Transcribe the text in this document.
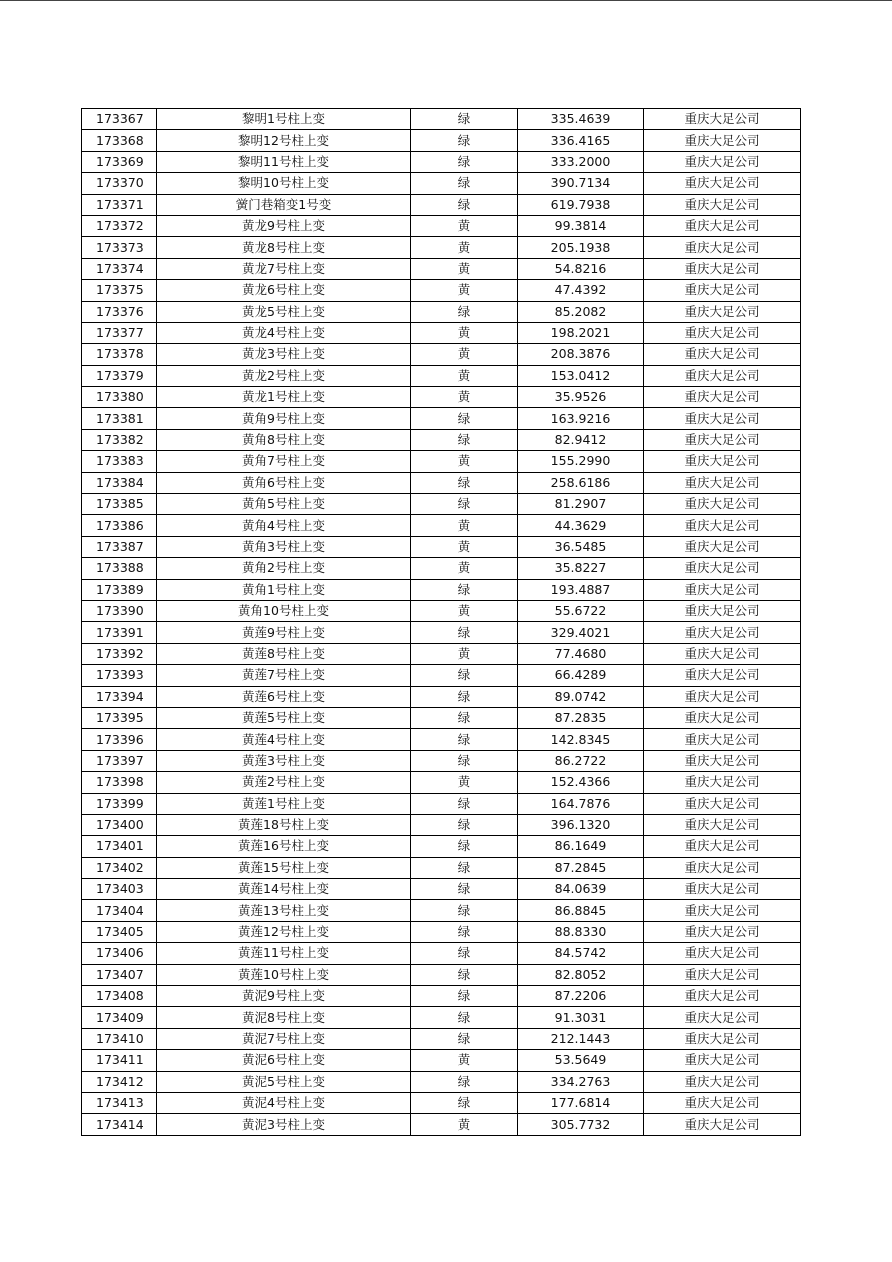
173367	黎明1号柱上变	绿	335.4639	重庆大足公司
173368	黎明12号柱上变	绿	336.4165	重庆大足公司
173369	黎明11号柱上变	绿	333.2000	重庆大足公司
173370	黎明10号柱上变	绿	390.7134	重庆大足公司
173371	黉门巷箱变1号变	绿	619.7938	重庆大足公司
173372	黄龙9号柱上变	黄	99.3814	重庆大足公司
173373	黄龙8号柱上变	黄	205.1938	重庆大足公司
173374	黄龙7号柱上变	黄	54.8216	重庆大足公司
173375	黄龙6号柱上变	黄	47.4392	重庆大足公司
173376	黄龙5号柱上变	绿	85.2082	重庆大足公司
173377	黄龙4号柱上变	黄	198.2021	重庆大足公司
173378	黄龙3号柱上变	黄	208.3876	重庆大足公司
173379	黄龙2号柱上变	黄	153.0412	重庆大足公司
173380	黄龙1号柱上变	黄	35.9526	重庆大足公司
173381	黄角9号柱上变	绿	163.9216	重庆大足公司
173382	黄角8号柱上变	绿	82.9412	重庆大足公司
173383	黄角7号柱上变	黄	155.2990	重庆大足公司
173384	黄角6号柱上变	绿	258.6186	重庆大足公司
173385	黄角5号柱上变	绿	81.2907	重庆大足公司
173386	黄角4号柱上变	黄	44.3629	重庆大足公司
173387	黄角3号柱上变	黄	36.5485	重庆大足公司
173388	黄角2号柱上变	黄	35.8227	重庆大足公司
173389	黄角1号柱上变	绿	193.4887	重庆大足公司
173390	黄角10号柱上变	黄	55.6722	重庆大足公司
173391	黄莲9号柱上变	绿	329.4021	重庆大足公司
173392	黄莲8号柱上变	黄	77.4680	重庆大足公司
173393	黄莲7号柱上变	绿	66.4289	重庆大足公司
173394	黄莲6号柱上变	绿	89.0742	重庆大足公司
173395	黄莲5号柱上变	绿	87.2835	重庆大足公司
173396	黄莲4号柱上变	绿	142.8345	重庆大足公司
173397	黄莲3号柱上变	绿	86.2722	重庆大足公司
173398	黄莲2号柱上变	黄	152.4366	重庆大足公司
173399	黄莲1号柱上变	绿	164.7876	重庆大足公司
173400	黄莲18号柱上变	绿	396.1320	重庆大足公司
173401	黄莲16号柱上变	绿	86.1649	重庆大足公司
173402	黄莲15号柱上变	绿	87.2845	重庆大足公司
173403	黄莲14号柱上变	绿	84.0639	重庆大足公司
173404	黄莲13号柱上变	绿	86.8845	重庆大足公司
173405	黄莲12号柱上变	绿	88.8330	重庆大足公司
173406	黄莲11号柱上变	绿	84.5742	重庆大足公司
173407	黄莲10号柱上变	绿	82.8052	重庆大足公司
173408	黄泥9号柱上变	绿	87.2206	重庆大足公司
173409	黄泥8号柱上变	绿	91.3031	重庆大足公司
173410	黄泥7号柱上变	绿	212.1443	重庆大足公司
173411	黄泥6号柱上变	黄	53.5649	重庆大足公司
173412	黄泥5号柱上变	绿	334.2763	重庆大足公司
173413	黄泥4号柱上变	绿	177.6814	重庆大足公司
173414	黄泥3号柱上变	黄	305.7732	重庆大足公司
